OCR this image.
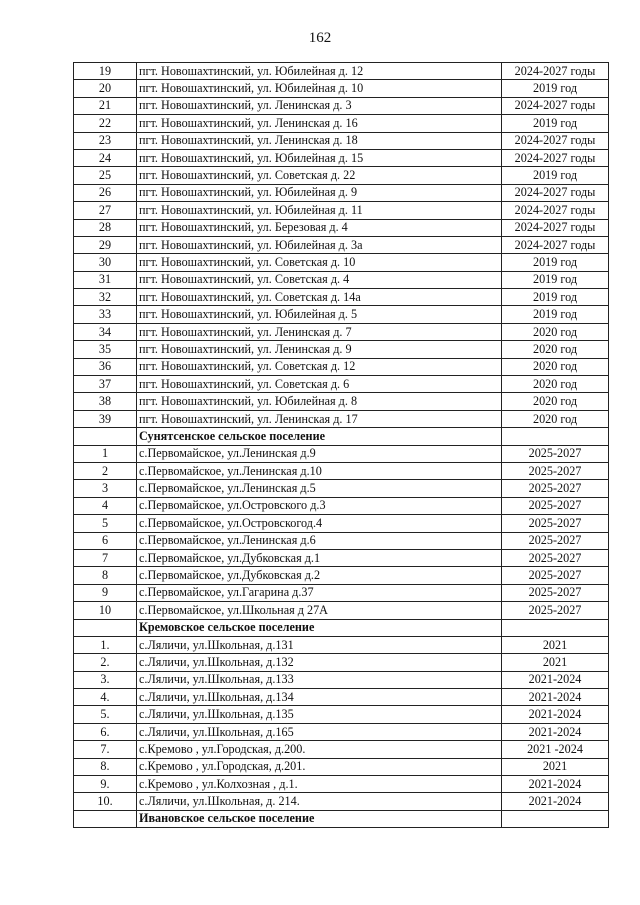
162
19	пгт. Новошахтинский, ул. Юбилейная д. 12	2024-2027 годы
20	пгт. Новошахтинский, ул. Юбилейная д. 10	2019 год
21	пгт. Новошахтинский, ул. Ленинская д. 3	2024-2027 годы
22	пгт. Новошахтинский, ул. Ленинская д. 16	2019 год
23	пгт. Новошахтинский, ул. Ленинская д. 18	2024-2027 годы
24	пгт. Новошахтинский, ул. Юбилейная д. 15	2024-2027 годы
25	пгт. Новошахтинский, ул. Советская д. 22	2019 год
26	пгт. Новошахтинский, ул. Юбилейная д. 9	2024-2027 годы
27	пгт. Новошахтинский, ул. Юбилейная д. 11	2024-2027 годы
28	пгт. Новошахтинский, ул. Березовая д. 4	2024-2027 годы
29	пгт. Новошахтинский, ул. Юбилейная д. 3а	2024-2027 годы
30	пгт. Новошахтинский, ул. Советская д. 10	2019 год
31	пгт. Новошахтинский, ул. Советская д. 4	2019 год
32	пгт. Новошахтинский, ул. Советская д. 14а	2019 год
33	пгт. Новошахтинский, ул. Юбилейная д. 5	2019 год
34	пгт. Новошахтинский, ул. Ленинская д. 7	2020 год
35	пгт. Новошахтинский, ул. Ленинская д. 9	2020 год
36	пгт. Новошахтинский, ул. Советская д. 12	2020 год
37	пгт. Новошахтинский, ул. Советская д. 6	2020 год
38	пгт. Новошахтинский, ул. Юбилейная д. 8	2020 год
39	пгт. Новошахтинский, ул. Ленинская д. 17	2020 год
	Сунятсенское сельское поселение	
1	с.Первомайское, ул.Ленинская д.9	2025-2027
2	с.Первомайское, ул.Ленинская д.10	2025-2027
3	с.Первомайское, ул.Ленинская д.5	2025-2027
4	с.Первомайское, ул.Островского д.3	2025-2027
5	с.Первомайское, ул.Островскогод.4	2025-2027
6	с.Первомайское, ул.Ленинская д.6	2025-2027
7	с.Первомайское, ул.Дубковская д.1	2025-2027
8	с.Первомайское, ул.Дубковская д.2	2025-2027
9	с.Первомайское, ул.Гагарина д.37	2025-2027
10	с.Первомайское, ул.Школьная д 27А	2025-2027
	Кремовское сельское поселение	
1.	с.Ляличи, ул.Школьная, д.131	2021
2.	с.Ляличи, ул.Школьная, д.132	2021
3.	с.Ляличи, ул.Школьная, д.133	2021-2024
4.	с.Ляличи, ул.Школьная, д.134	2021-2024
5.	с.Ляличи, ул.Школьная, д.135	2021-2024
6.	с.Ляличи, ул.Школьная, д.165	2021-2024
7.	с.Кремово , ул.Городская, д.200.	2021 -2024
8.	с.Кремово , ул.Городская, д.201.	2021
9.	с.Кремово , ул.Колхозная , д.1.	2021-2024
10.	с.Ляличи, ул.Школьная, д. 214.	2021-2024
	Ивановское сельское поселение	
